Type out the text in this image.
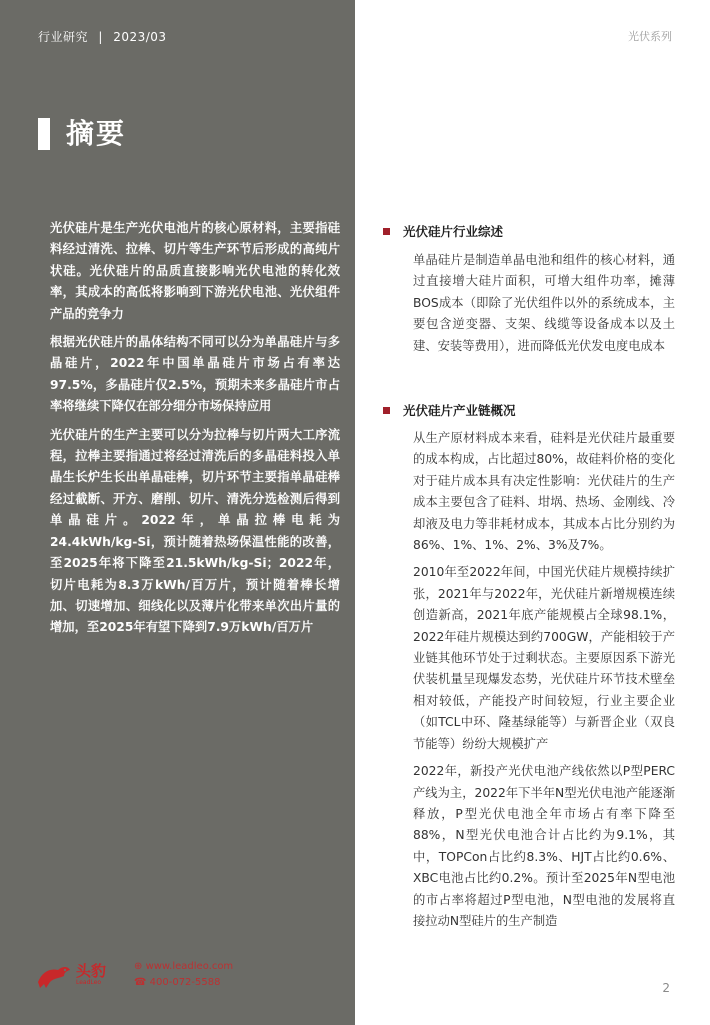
行业研究 | 2023/03	光伏系列
摘要

光伏硅片是生产光伏电池片的核心原材料，主要指硅料经过清洗、拉棒、切片等生产环节后形成的高纯片状硅。光伏硅片的品质直接影响光伏电池的转化效率，其成本的高低将影响到下游光伏电池、光伏组件产品的竞争力

根据光伏硅片的晶体结构不同可以分为单晶硅片与多晶硅片，2022年中国单晶硅片市场占有率达97.5%，多晶硅片仅2.5%，预期未来多晶硅片市占率将继续下降仅在部分细分市场保持应用

光伏硅片的生产主要可以分为拉棒与切片两大工序流程，拉棒主要指通过将经过清洗后的多晶硅料投入单晶生长炉生长出单晶硅棒，切片环节主要指单晶硅棒经过截断、开方、磨削、切片、清洗分选检测后得到单晶硅片。2022年，单晶拉棒电耗为24.4kWh/kg-Si，预计随着热场保温性能的改善，至2025年将下降至21.5kWh/kg-Si；2022年，切片电耗为8.3万kWh/百万片，预计随着棒长增加、切速增加、细线化以及薄片化带来单次出片量的增加，至2025年有望下降到7.9万kWh/百万片

头豹
LeadLeo
⊕ www.leadleo.com
☎ 400-072-5588
光伏硅片行业综述

单晶硅片是制造单晶电池和组件的核心材料，通过直接增大硅片面积，可增大组件功率，摊薄BOS成本（即除了光伏组件以外的系统成本，主要包含逆变器、支架、线缆等设备成本以及土建、安装等费用），进而降低光伏发电度电成本

光伏硅片产业链概况

从生产原材料成本来看，硅料是光伏硅片最重要的成本构成，占比超过80%，故硅料价格的变化对于硅片成本具有决定性影响：光伏硅片的生产成本主要包含了硅料、坩埚、热场、金刚线、冷却液及电力等非耗材成本，其成本占比分别约为86%、1%、1%、2%、3%及7%。

2010年至2022年间，中国光伏硅片规模持续扩张，2021年与2022年，光伏硅片新增规模连续创造新高，2021年底产能规模占全球98.1%，2022年硅片规模达到约700GW，产能相较于产业链其他环节处于过剩状态。主要原因系下游光伏装机量呈现爆发态势，光伏硅片环节技术壁垒相对较低，产能投产时间较短，行业主要企业（如TCL中环、隆基绿能等）与新晋企业（双良节能等）纷纷大规模扩产

2022年，新投产光伏电池产线依然以P型PERC产线为主，2022年下半年N型光伏电池产能逐渐释放，P型光伏电池全年市场占有率下降至88%，N型光伏电池合计占比约为9.1%，其中，TOPCon占比约8.3%、HJT占比约0.6%、XBC电池占比约0.2%。预计至2025年N型电池的市占率将超过P型电池，N型电池的发展将直接拉动N型硅片的生产制造

2
